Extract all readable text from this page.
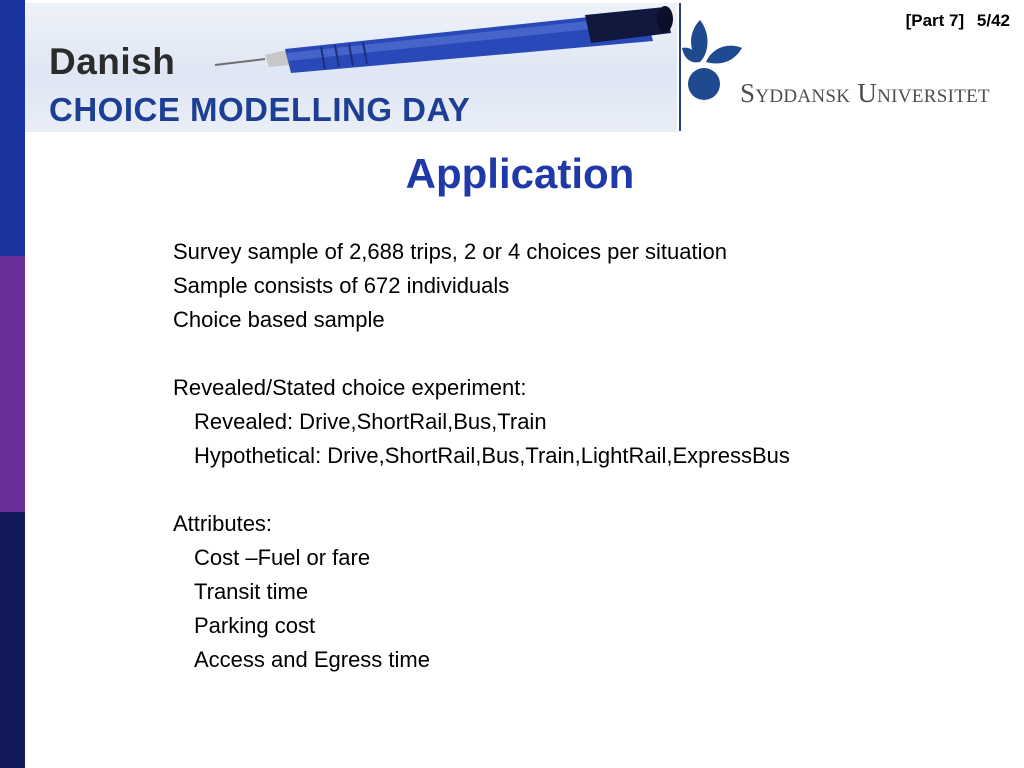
Danish
CHOICE MODELLING DAY	Syddansk Universitet
[Part 7] 5/42
Application
Survey sample of 2,688 trips, 2 or 4 choices per situation
Sample consists of 672 individuals
Choice based sample
Revealed/Stated choice experiment:
Revealed: Drive,ShortRail,Bus,Train
Hypothetical: Drive,ShortRail,Bus,Train,LightRail,ExpressBus
Attributes:
Cost –Fuel or fare
Transit time
Parking cost
Access and Egress time
